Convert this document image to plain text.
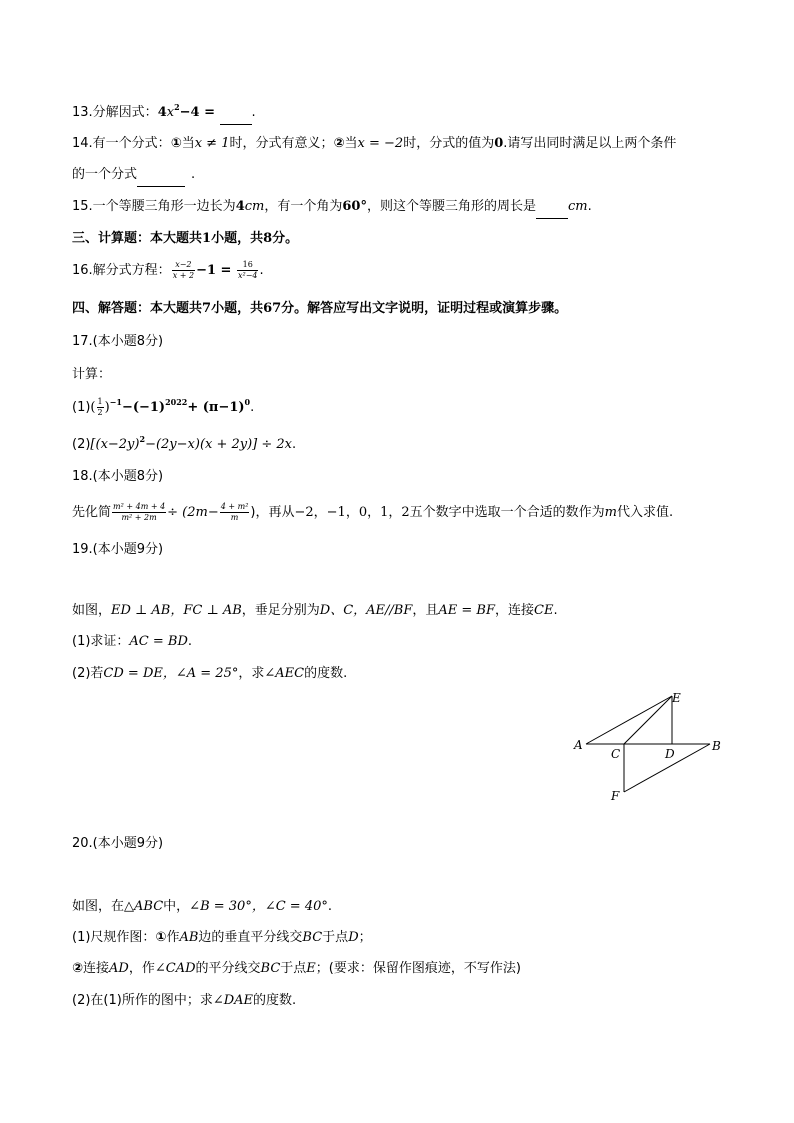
13.分解因式：$4x^2-4$ =  .
14.有一个分式：①当x ≠ 1时，分式有意义；②当x = −2时，分式的值为0.请写出同时满足以上两个条件
的一个分式	.
15.一个等腰三角形一边长为4cm，有一个角为60°，则这个等腰三角形的周长是 cm.
三、计算题：本大题共1小题，共8分。
16.解分式方程： $\frac{x-2}{x + 2} -1 = \frac{16}{\text{x²−4}}$ .
四、解答题：本大题共7小题，共67分。解答应写出文字说明，证明过程或演算步骤。
17.(本小题8分)
计算：
$(1)( \frac{1}{2} )^{-1}-(-1)^{2022}+ (\pi-1)^0$.
$(2)[(x-2y)^2-(2y-x)(x + 2y)] \div 2x$.
18.(本小题8分)
先化简 $\frac{\text{m² + 4m + 4}}{\text{m² + 2m}} \div (2m- \frac{\text{4 + m²}}{m}$ )，再从−2，−1，0，1，2五个数字中选取一个合适的数作为m代入求值.
19.(本小题9分)
如图，ED ⊥ AB，FC ⊥ AB，垂足分别为D、C，AE//BF，且AE = BF，连接CE.
(1)求证：AC = BD.
(2)若CD = DE，∠A = 25°，求∠AEC的度数.
A	B
C	D
E
F
20.(本小题9分)
如图，在△ABC中，∠B = 30°，∠C = 40°.
(1)尺规作图：①作AB边的垂直平分线交BC于点D；
②连接AD，作∠CAD的平分线交BC于点E；(要求：保留作图痕迹，不写作法)
(2)在(1)所作的图中；求∠DAE的度数.
